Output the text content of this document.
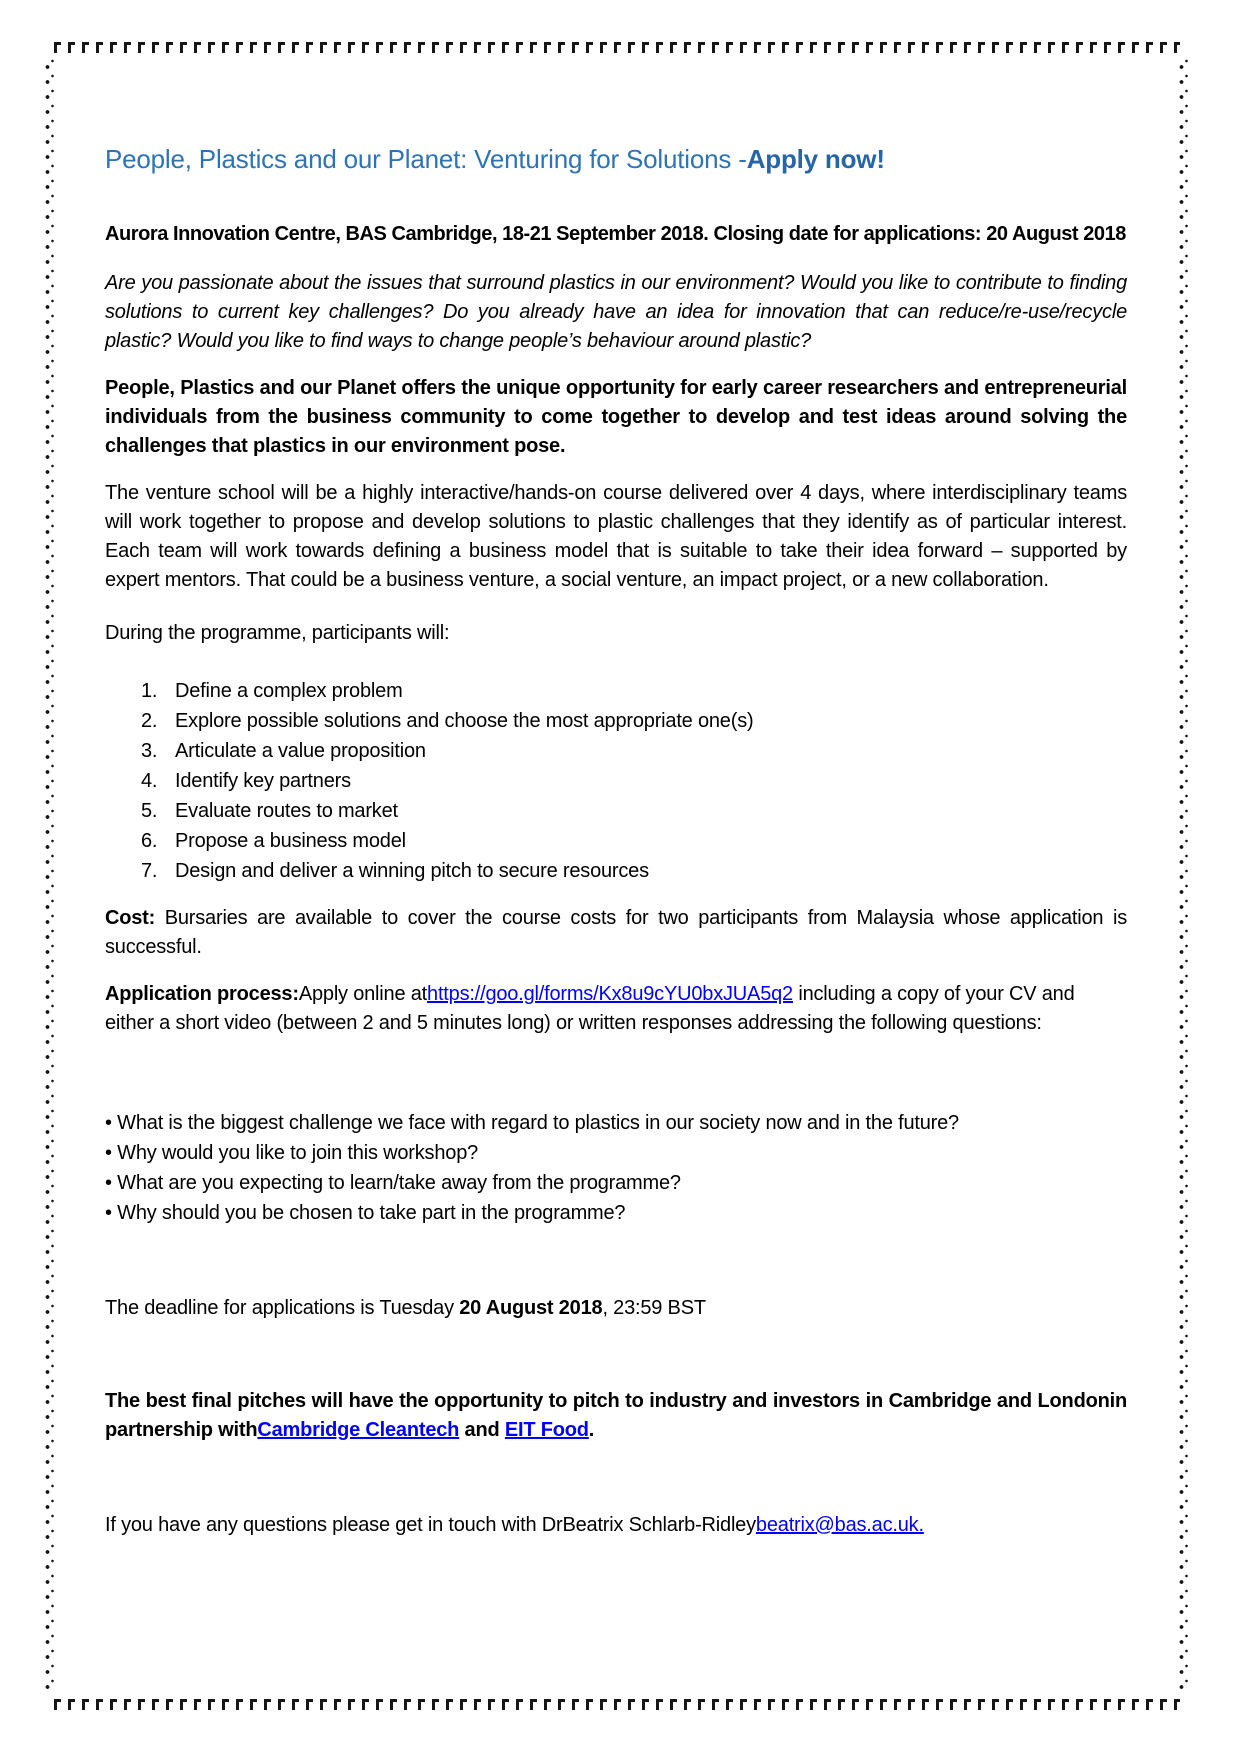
People, Plastics and our Planet: Venturing for Solutions -Apply now!

Aurora Innovation Centre, BAS Cambridge, 18-21 September 2018. Closing date for applications: 20 August 2018

Are you passionate about the issues that surround plastics in our environment? Would you like to contribute to finding solutions to current key challenges? Do you already have an idea for innovation that can reduce/re-use/recycle plastic? Would you like to find ways to change people’s behaviour around plastic?

People, Plastics and our Planet offers the unique opportunity for early career researchers and entrepreneurial individuals from the business community to come together to develop and test ideas around solving the challenges that plastics in our environment pose.

The venture school will be a highly interactive/hands-on course delivered over 4 days, where interdisciplinary teams will work together to propose and develop solutions to plastic challenges that they identify as of particular interest. Each team will work towards defining a business model that is suitable to take their idea forward – supported by expert mentors. That could be a business venture, a social venture, an impact project, or a new collaboration.

During the programme, participants will:

1. Define a complex problem
2. Explore possible solutions and choose the most appropriate one(s)
3. Articulate a value proposition
4. Identify key partners
5. Evaluate routes to market
6. Propose a business model
7. Design and deliver a winning pitch to secure resources

Cost: Bursaries are available to cover the course costs for two participants from Malaysia whose application is successful.

Application process:Apply online athttps://goo.gl/forms/Kx8u9cYU0bxJUA5q2 including a copy of your CV and either a short video (between 2 and 5 minutes long) or written responses addressing the following questions:

• What is the biggest challenge we face with regard to plastics in our society now and in the future?
• Why would you like to join this workshop?
• What are you expecting to learn/take away from the programme?
• Why should you be chosen to take part in the programme?

The deadline for applications is Tuesday 20 August 2018, 23:59 BST

The best final pitches will have the opportunity to pitch to industry and investors in Cambridge and Londonin partnership withCambridge Cleantech and EIT Food.

If you have any questions please get in touch with DrBeatrix Schlarb-Ridleybeatrix@bas.ac.uk.
